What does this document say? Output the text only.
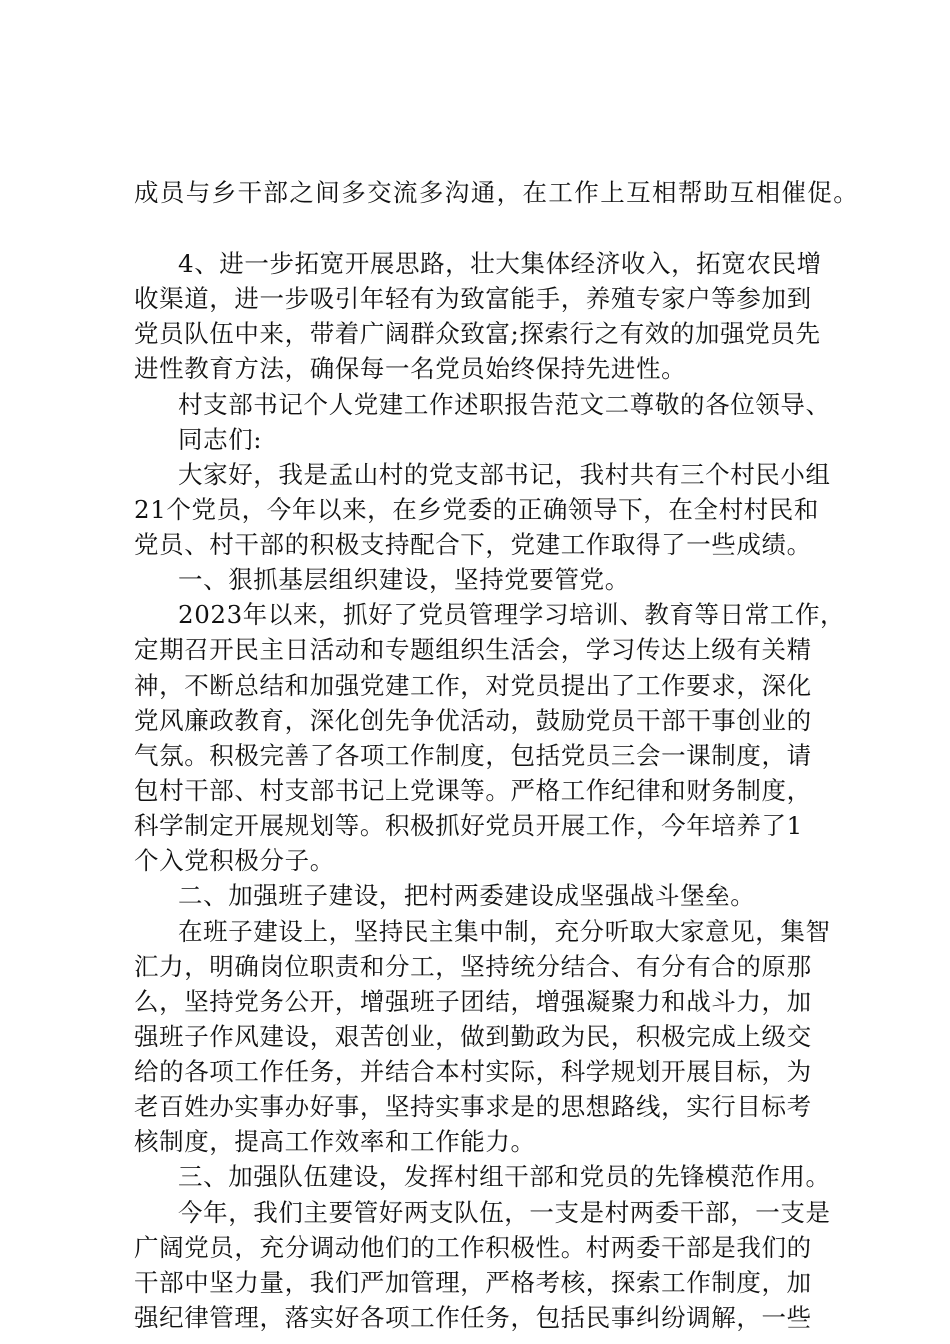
成员与乡干部之间多交流多沟通，在工作上互相帮助互相催促。
4、进一步拓宽开展思路，壮大集体经济收入，拓宽农民增
收渠道，进一步吸引年轻有为致富能手，养殖专家户等参加到
党员队伍中来，带着广阔群众致富;探索行之有效的加强党员先
进性教育方法，确保每一名党员始终保持先进性。
村支部书记个人党建工作述职报告范文二尊敬的各位领导、
同志们:
大家好，我是孟山村的党支部书记，我村共有三个村民小组
21个党员，今年以来，在乡党委的正确领导下，在全村村民和
党员、村干部的积极支持配合下，党建工作取得了一些成绩。
一、狠抓基层组织建设，坚持党要管党。
2023年以来，抓好了党员管理学习培训、教育等日常工作，
定期召开民主日活动和专题组织生活会，学习传达上级有关精
神，不断总结和加强党建工作，对党员提出了工作要求，深化
党风廉政教育，深化创先争优活动，鼓励党员干部干事创业的
气氛。积极完善了各项工作制度，包括党员三会一课制度，请
包村干部、村支部书记上党课等。严格工作纪律和财务制度，
科学制定开展规划等。积极抓好党员开展工作，今年培养了1
个入党积极分子。
二、加强班子建设，把村两委建设成坚强战斗堡垒。
在班子建设上，坚持民主集中制，充分听取大家意见，集智
汇力，明确岗位职责和分工，坚持统分结合、有分有合的原那
么，坚持党务公开，增强班子团结，增强凝聚力和战斗力，加
强班子作风建设，艰苦创业，做到勤政为民，积极完成上级交
给的各项工作任务，并结合本村实际，科学规划开展目标，为
老百姓办实事办好事，坚持实事求是的思想路线，实行目标考
核制度，提高工作效率和工作能力。
三、加强队伍建设，发挥村组干部和党员的先锋模范作用。
今年，我们主要管好两支队伍，一支是村两委干部，一支是
广阔党员，充分调动他们的工作积极性。村两委干部是我们的
干部中坚力量，我们严加管理，严格考核，探索工作制度，加
强纪律管理，落实好各项工作任务，包括民事纠纷调解，一些
